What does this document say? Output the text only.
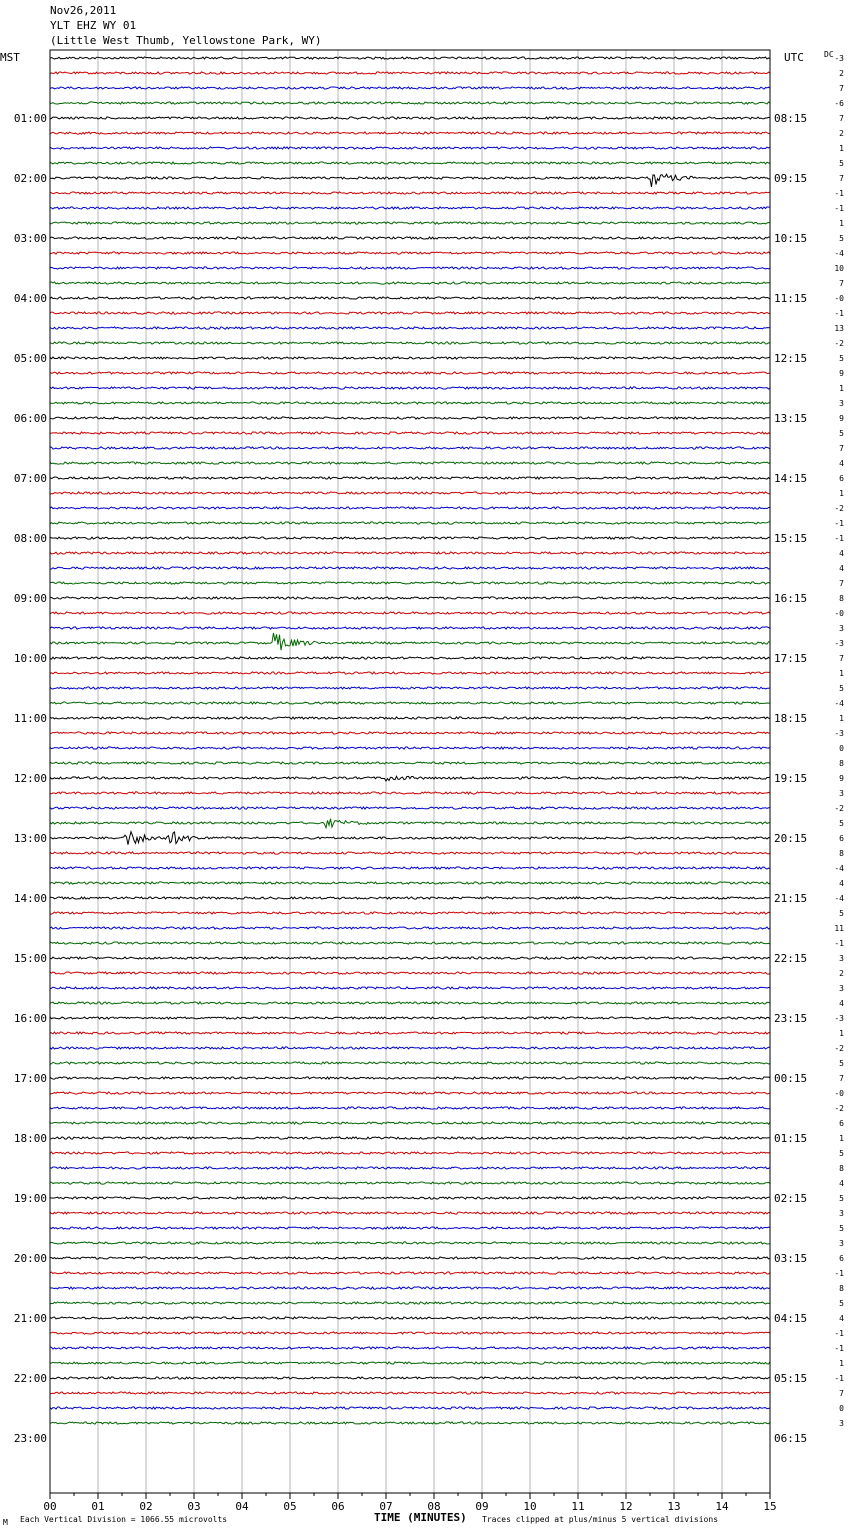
Nov26,2011
YLT EHZ WY 01
(Little West Thumb, Yellowstone Park, WY)
MST	UTC	DC
00	01	02	03	04	05	06	07	08	09	10	11	12	13	14	15
-3
2
7
-6
7
2
1
5
7
-1
-1
1
5
-4
10
7
-0
-1
13
-2
5
9
1
3
9
5
7
4
6
1
-2
-1
-1
4
4
7
8
-0
3
-3
7
1
5
-4
1
-3
0
8
9
3
-2
5
6
8
-4
4
-4
5
11
-1
3
2
3
4
-3
1
-2
5
7
-0
-2
6
1
5
8
4
5
3
5
3
6
-1
8
5
4
-1
-1
1
-1
7
0
3
01:00	08:15
02:00	09:15
03:00	10:15
04:00	11:15
05:00	12:15
06:00	13:15
07:00	14:15
08:00	15:15
09:00	16:15
10:00	17:15
11:00	18:15
12:00	19:15
13:00	20:15
14:00	21:15
15:00	22:15
16:00	23:15
17:00	00:15
18:00	01:15
19:00	02:15
20:00	03:15
21:00	04:15
22:00	05:15
23:00	06:15
M Each Vertical Division = 1066.55 microvolts	TIME (MINUTES) Traces clipped at plus/minus 5 vertical divisions
